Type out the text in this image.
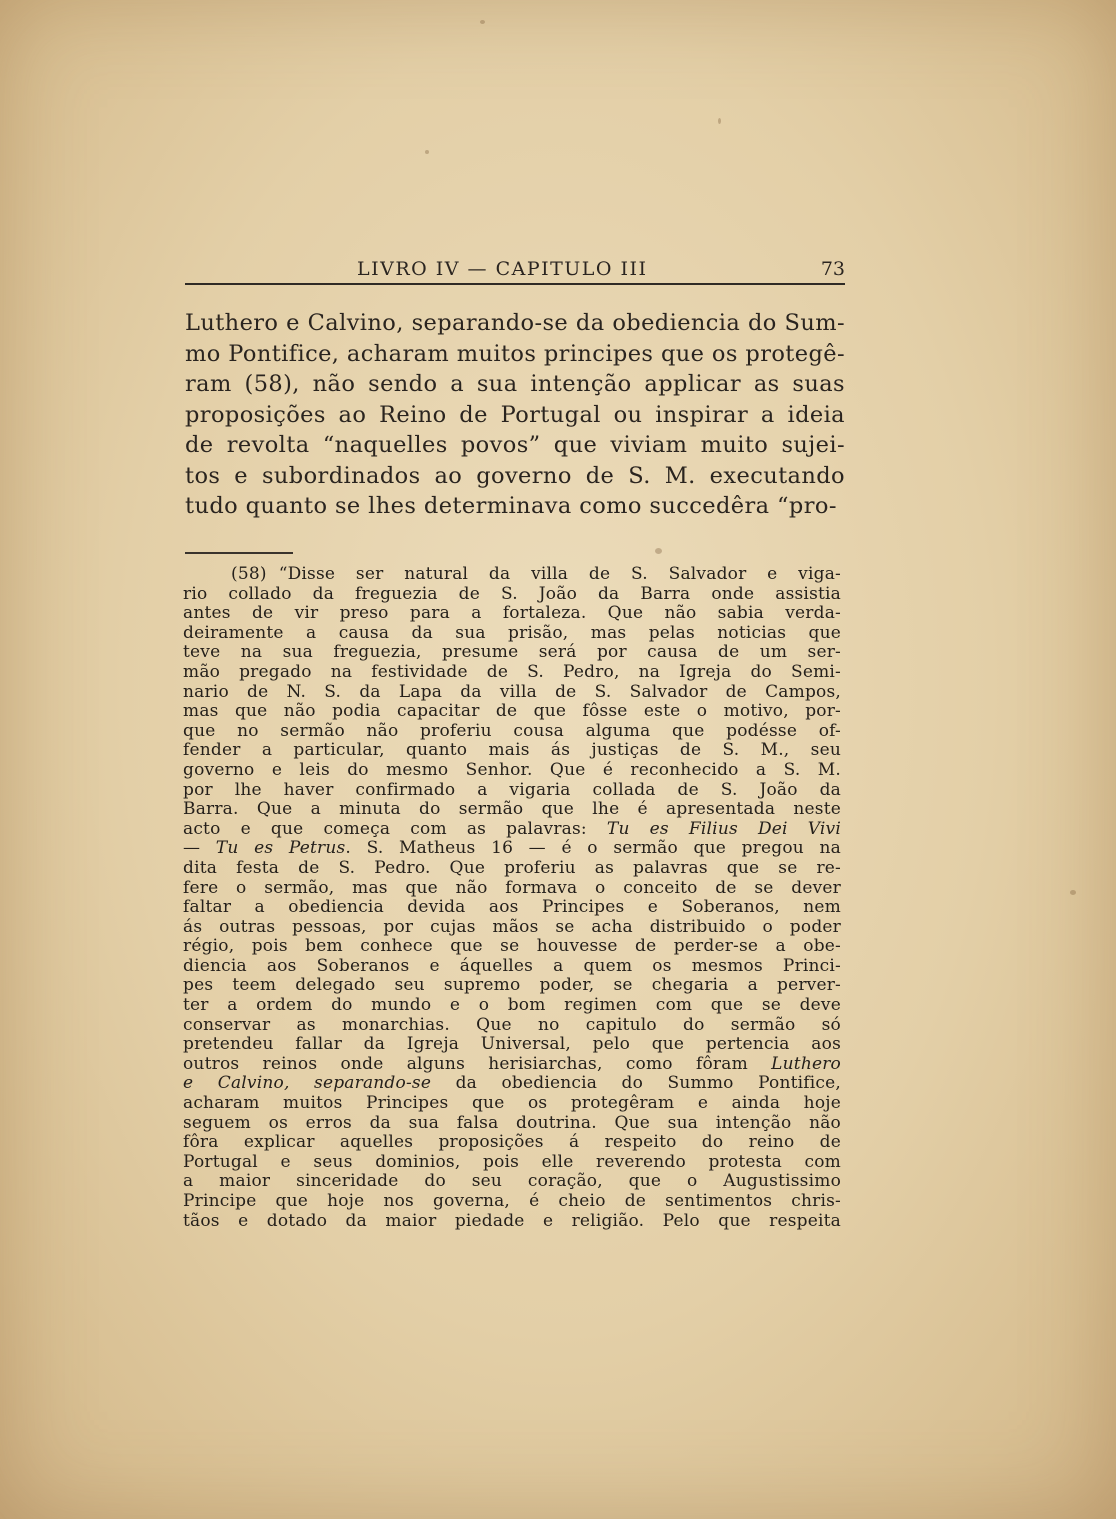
LIVRO IV — CAPITULO III	73
Luthero e Calvino, separando-se da obediencia do Sum-
mo Pontifice, acharam muitos principes que os protegê-
ram (58), não sendo a sua intenção applicar as suas
proposições ao Reino de Portugal ou inspirar a ideia
de revolta “naquelles povos” que viviam muito sujei-
tos e subordinados ao governo de S. M. executando
tudo quanto se lhes determinava como succedêra “pro-
(58) “Disse ser natural da villa de S. Salvador e viga-
rio collado da freguezia de S. João da Barra onde assistia
antes de vir preso para a fortaleza. Que não sabia verda-
deiramente a causa da sua prisão, mas pelas noticias que
teve na sua freguezia, presume será por causa de um ser-
mão pregado na festividade de S. Pedro, na Igreja do Semi-
nario de N. S. da Lapa da villa de S. Salvador de Campos,
mas que não podia capacitar de que fôsse este o motivo, por-
que no sermão não proferiu cousa alguma que podésse of-
fender a particular, quanto mais ás justiças de S. M., seu
governo e leis do mesmo Senhor. Que é reconhecido a S. M.
por lhe haver confirmado a vigaria collada de S. João da
Barra. Que a minuta do sermão que lhe é apresentada neste
acto e que começa com as palavras: Tu es Filius Dei Vivi
— Tu es Petrus. S. Matheus 16 — é o sermão que pregou na
dita festa de S. Pedro. Que proferiu as palavras que se re-
fere o sermão, mas que não formava o conceito de se dever
faltar a obediencia devida aos Principes e Soberanos, nem
ás outras pessoas, por cujas mãos se acha distribuido o poder
régio, pois bem conhece que se houvesse de perder-se a obe-
diencia aos Soberanos e áquelles a quem os mesmos Princi-
pes teem delegado seu supremo poder, se chegaria a perver-
ter a ordem do mundo e o bom regimen com que se deve
conservar as monarchias. Que no capitulo do sermão só
pretendeu fallar da Igreja Universal, pelo que pertencia aos
outros reinos onde alguns herisiarchas, como fôram Luthero
e Calvino, separando-se da obediencia do Summo Pontifice,
acharam muitos Principes que os protegêram e ainda hoje
seguem os erros da sua falsa doutrina. Que sua intenção não
fôra explicar aquelles proposições á respeito do reino de
Portugal e seus dominios, pois elle reverendo protesta com
a maior sinceridade do seu coração, que o Augustissimo
Principe que hoje nos governa, é cheio de sentimentos chris-
tãos e dotado da maior piedade e religião. Pelo que respeita
